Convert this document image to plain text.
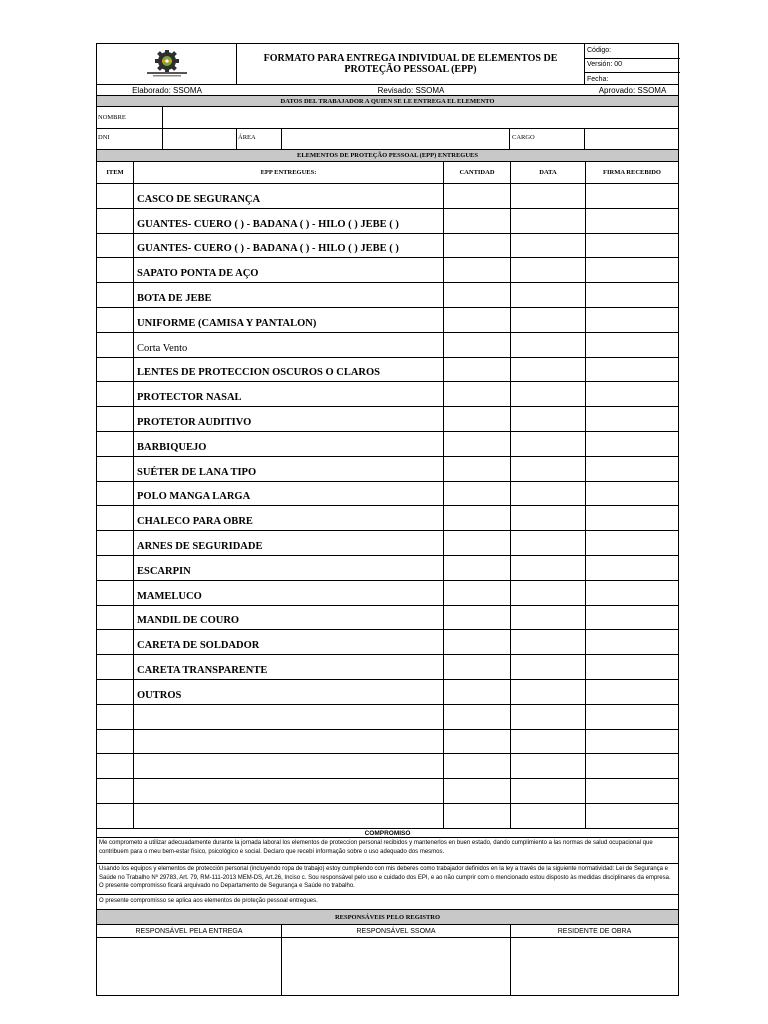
FORMATO PARA ENTREGA INDIVIDUAL DE ELEMENTOS DE PROTEÇÃO PESSOAL (EPP)
Código:
Versión: 00
Fecha:
Elaborado: SSOMA	Revisado: SSOMA	Aprovado: SSOMA
DATOS DEL TRABAJADOR A QUIEN SE LE ENTREGA EL ELEMENTO
NOMBRE
DNI	ÁREA	CARGO
ELEMENTOS DE PROTEÇÃO PESSOAL (EPP) ENTREGUES
ITEM	EPP ENTREGUES:	CANTIDAD	DATA	FIRMA RECEBIDO
CASCO DE SEGURANÇA
GUANTES- CUERO ( ) - BADANA ( ) - HILO ( ) JEBE ( )
GUANTES- CUERO ( ) - BADANA ( ) - HILO ( ) JEBE ( )
SAPATO PONTA DE AÇO
BOTA DE JEBE
UNIFORME (CAMISA Y PANTALON)
Corta Vento
LENTES DE PROTECCION OSCUROS O CLAROS
PROTECTOR NASAL
PROTETOR AUDITIVO
BARBIQUEJO
SUÉTER DE LANA TIPO
POLO MANGA LARGA
CHALECO PARA OBRE
ARNES DE SEGURIDADE
ESCARPIN
MAMELUCO
MANDIL DE COURO
CARETA DE SOLDADOR
CARETA TRANSPARENTE
OUTROS
COMPROMISO
Me comprometo a utilizar adecuadamente durante la jornada laboral los elementos de proteccion personal recibidos y mantenerlos en buen estado, dando cumplimiento a las normas de salud ocupacional que contribuem para o meu bem-estar físico, psicológico e social. Declaro que recebí informação sobre o uso adequado dos mesmos.
Usando los equipos y elementos de protección personal (incluyendo ropa de trabajo) estoy cumpliendo con mis deberes como trabajador definidos en la ley a través de la siguiente normatividad: Lei de Segurança e Saúde no Trabalho Nº 29783, Art. 79, RM-111-2013 MEM-DS, Art.26, Inciso c. Sou responsável pelo uso e cuidado dos EPI, e ao não cumprir com o mencionado estou disposto às medidas disciplinares da empresa. O presente compromisso ficará arquivado no Departamento de Segurança e Saúde no trabalho.
O presente compromisso se aplica aos elementos de proteção pessoal entregues.
RESPONSÁVEIS PELO REGISTRO
RESPONSÁVEL PELA ENTREGA	RESPONSÁVEL SSOMA	RESIDENTE DE OBRA
